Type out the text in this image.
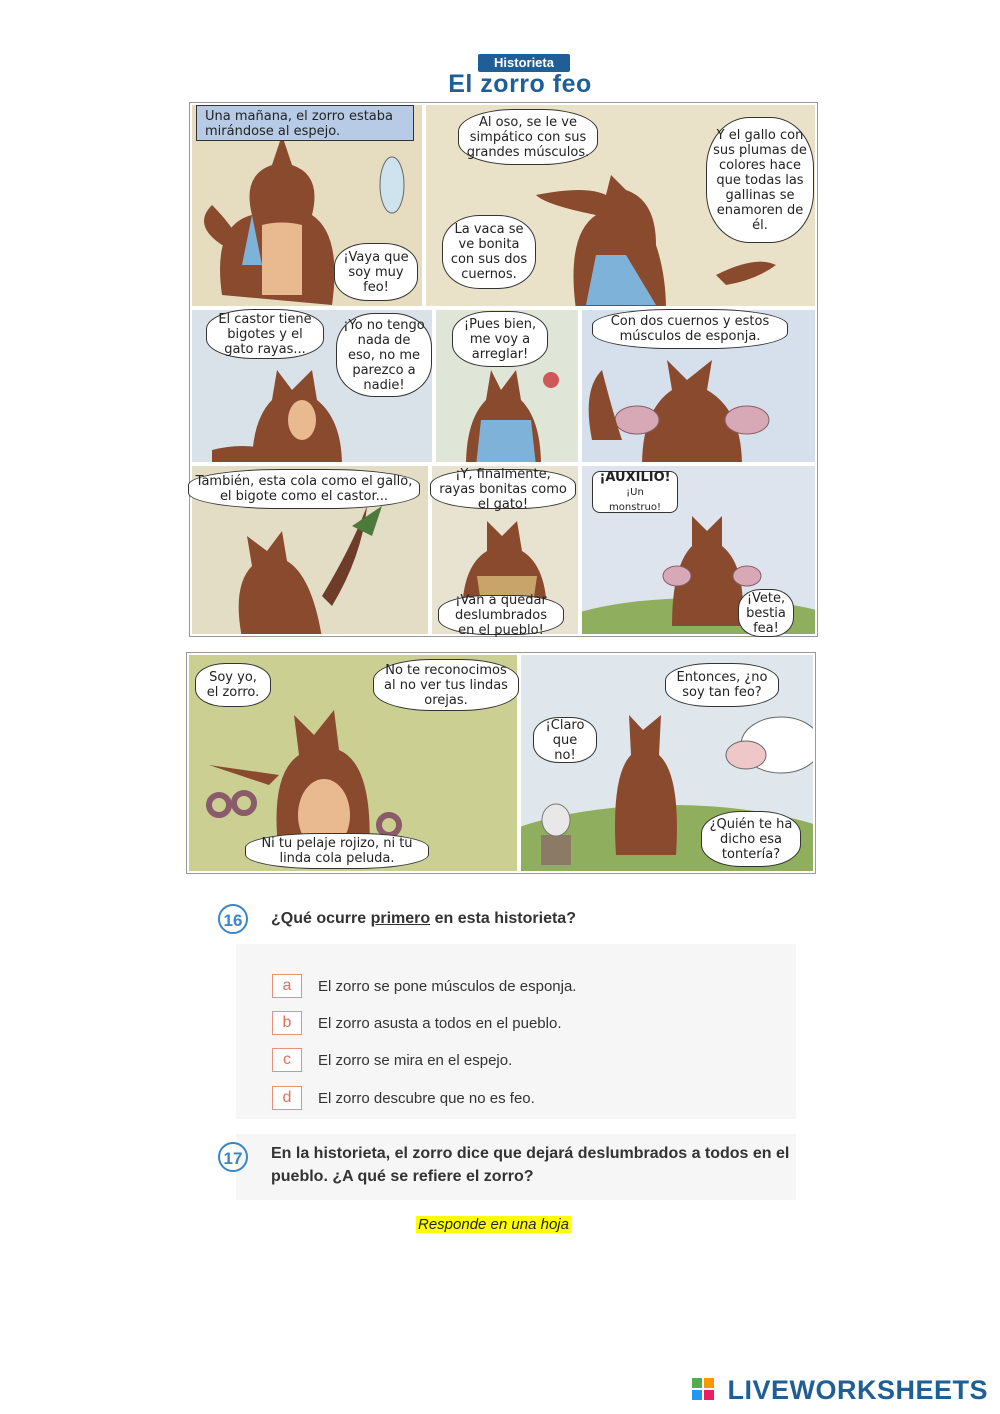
Historieta
El zorro feo
Una mañana, el zorro estaba mirándose al espejo.
¡Vaya que soy muy feo!
Al oso, se le ve simpático con sus grandes músculos.
Y el gallo con sus plumas de colores hace que todas las gallinas se enamoren de él.
La vaca se ve bonita con sus dos cuernos.
El castor tiene bigotes y el gato rayas...
¡Yo no tengo nada de eso, no me parezco a nadie!
¡Pues bien, me voy a arreglar!
Con dos cuernos y estos músculos de esponja.
También, esta cola como el gallo, el bigote como el castor...
¡Y, finalmente, rayas bonitas como el gato!
¡Van a quedar deslumbrados en el pueblo!
¡AUXILIO!
¡Un monstruo!
¡Vete, bestia fea!
Soy yo, el zorro.
No te reconocimos al no ver tus lindas orejas.
Ni tu pelaje rojizo, ni tu linda cola peluda.
Entonces, ¿no soy tan feo?
¡Claro que no!
¿Quién te ha dicho esa tontería?
16	¿Qué ocurre primero en esta historieta?
a	El zorro se pone músculos de esponja.
b	El zorro asusta a todos en el pueblo.
c	El zorro se mira en el espejo.
d	El zorro descubre que no es feo.
17	En la historieta, el zorro dice que dejará deslumbrados a todos en el
pueblo. ¿A qué se refiere el zorro?
Responde en una hoja
LIVEWORKSHEETS
